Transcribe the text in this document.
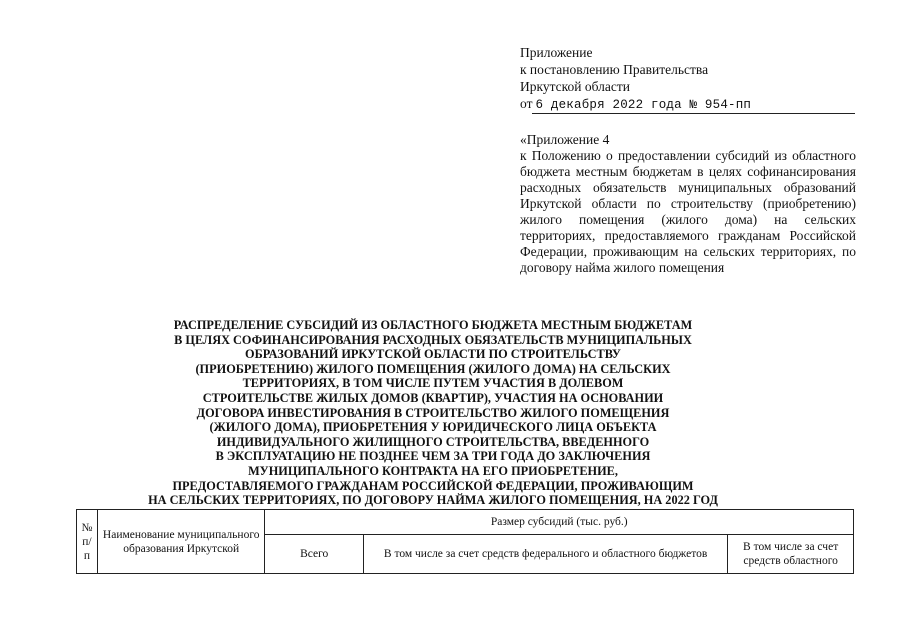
Приложение
к постановлению Правительства
Иркутской области
от 6 декабря 2022 года № 954-пп
«Приложение 4
к Положению о предоставлении субсидий из областного бюджета местным бюджетам в целях софинансирования расходных обязательств муниципальных образований Иркутской области по строительству (приобретению) жилого помещения (жилого дома) на сельских территориях, предоставляемого гражданам Российской Федерации, проживающим на сельских территориях, по договору найма жилого помещения
РАСПРЕДЕЛЕНИЕ СУБСИДИЙ ИЗ ОБЛАСТНОГО БЮДЖЕТА МЕСТНЫМ БЮДЖЕТАМ
В ЦЕЛЯХ СОФИНАНСИРОВАНИЯ РАСХОДНЫХ ОБЯЗАТЕЛЬСТВ МУНИЦИПАЛЬНЫХ
ОБРАЗОВАНИЙ ИРКУТСКОЙ ОБЛАСТИ ПО СТРОИТЕЛЬСТВУ
(ПРИОБРЕТЕНИЮ) ЖИЛОГО ПОМЕЩЕНИЯ (ЖИЛОГО ДОМА) НА СЕЛЬСКИХ
ТЕРРИТОРИЯХ, В ТОМ ЧИСЛЕ ПУТЕМ УЧАСТИЯ В ДОЛЕВОМ
СТРОИТЕЛЬСТВЕ ЖИЛЫХ ДОМОВ (КВАРТИР), УЧАСТИЯ НА ОСНОВАНИИ
ДОГОВОРА ИНВЕСТИРОВАНИЯ В СТРОИТЕЛЬСТВО ЖИЛОГО ПОМЕЩЕНИЯ
(ЖИЛОГО ДОМА), ПРИОБРЕТЕНИЯ У ЮРИДИЧЕСКОГО ЛИЦА ОБЪЕКТА
ИНДИВИДУАЛЬНОГО ЖИЛИЩНОГО СТРОИТЕЛЬСТВА, ВВЕДЕННОГО
В ЭКСПЛУАТАЦИЮ НЕ ПОЗДНЕЕ ЧЕМ ЗА ТРИ ГОДА ДО ЗАКЛЮЧЕНИЯ
МУНИЦИПАЛЬНОГО КОНТРАКТА НА ЕГО ПРИОБРЕТЕНИЕ,
ПРЕДОСТАВЛЯЕМОГО ГРАЖДАНАМ РОССИЙСКОЙ ФЕДЕРАЦИИ, ПРОЖИВАЮЩИМ
НА СЕЛЬСКИХ ТЕРРИТОРИЯХ, ПО ДОГОВОРУ НАЙМА ЖИЛОГО ПОМЕЩЕНИЯ, НА 2022 ГОД
№ п/п	Наименование муниципального образования Иркутской	Размер субсидий (тыс. руб.)		
		Всего	В том числе за счет средств федерального и областного бюджетов	В том числе за счет средств областного
